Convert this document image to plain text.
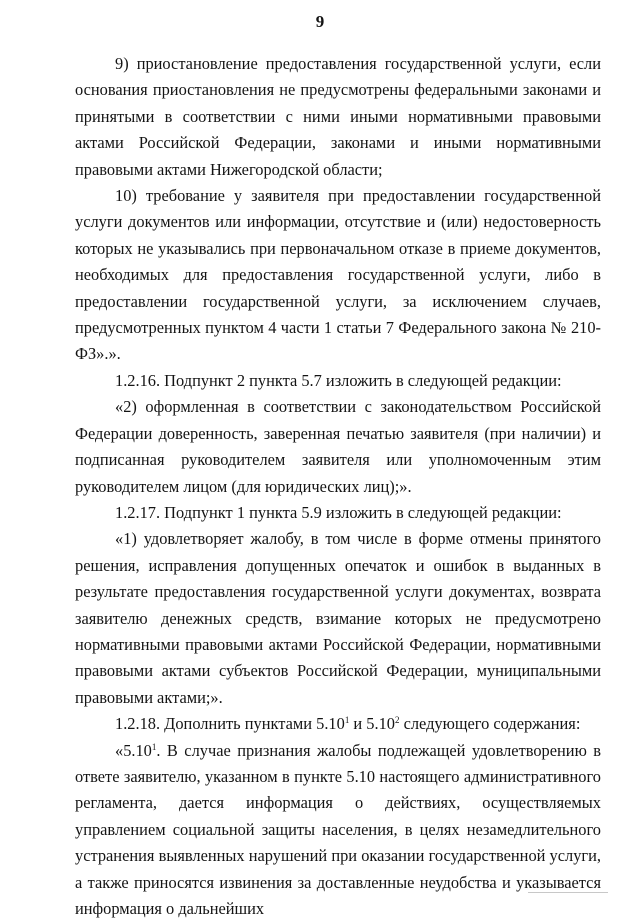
9

9) приостановление предоставления государственной услуги, если основания приостановления не предусмотрены федеральными законами и принятыми в соответствии с ними иными нормативными правовыми актами Российской Федерации, законами и иными нормативными правовыми актами Нижегородской области;

10) требование у заявителя при предоставлении государственной услуги документов или информации, отсутствие и (или) недостоверность которых не указывались при первоначальном отказе в приеме документов, необходимых для предоставления государственной услуги, либо в предоставлении государственной услуги, за исключением случаев, предусмотренных пунктом 4 части 1 статьи 7 Федерального закона № 210-ФЗ».».

1.2.16. Подпункт 2 пункта 5.7 изложить в следующей редакции:

«2) оформленная в соответствии с законодательством Российской Федерации доверенность, заверенная печатью заявителя (при наличии) и подписанная руководителем заявителя или уполномоченным этим руководителем лицом (для юридических лиц);».

1.2.17. Подпункт 1 пункта 5.9 изложить в следующей редакции:

«1) удовлетворяет жалобу, в том числе в форме отмены принятого решения, исправления допущенных опечаток и ошибок в выданных в результате предоставления государственной услуги документах, возврата заявителю денежных средств, взимание которых не предусмотрено нормативными правовыми актами Российской Федерации, нормативными правовыми актами субъектов Российской Федерации, муниципальными правовыми актами;».

1.2.18. Дополнить пунктами 5.10$^1$ и 5.10$^2$ следующего содержания:

«5.10$^1$. В случае признания жалобы подлежащей удовлетворению в ответе заявителю, указанном в пункте 5.10 настоящего административного регламента, дается информация о действиях, осуществляемых управлением социальной защиты населения, в целях незамедлительного устранения выявленных нарушений при оказании государственной услуги, а также приносятся извинения за доставленные неудобства и указывается информация о дальнейших
